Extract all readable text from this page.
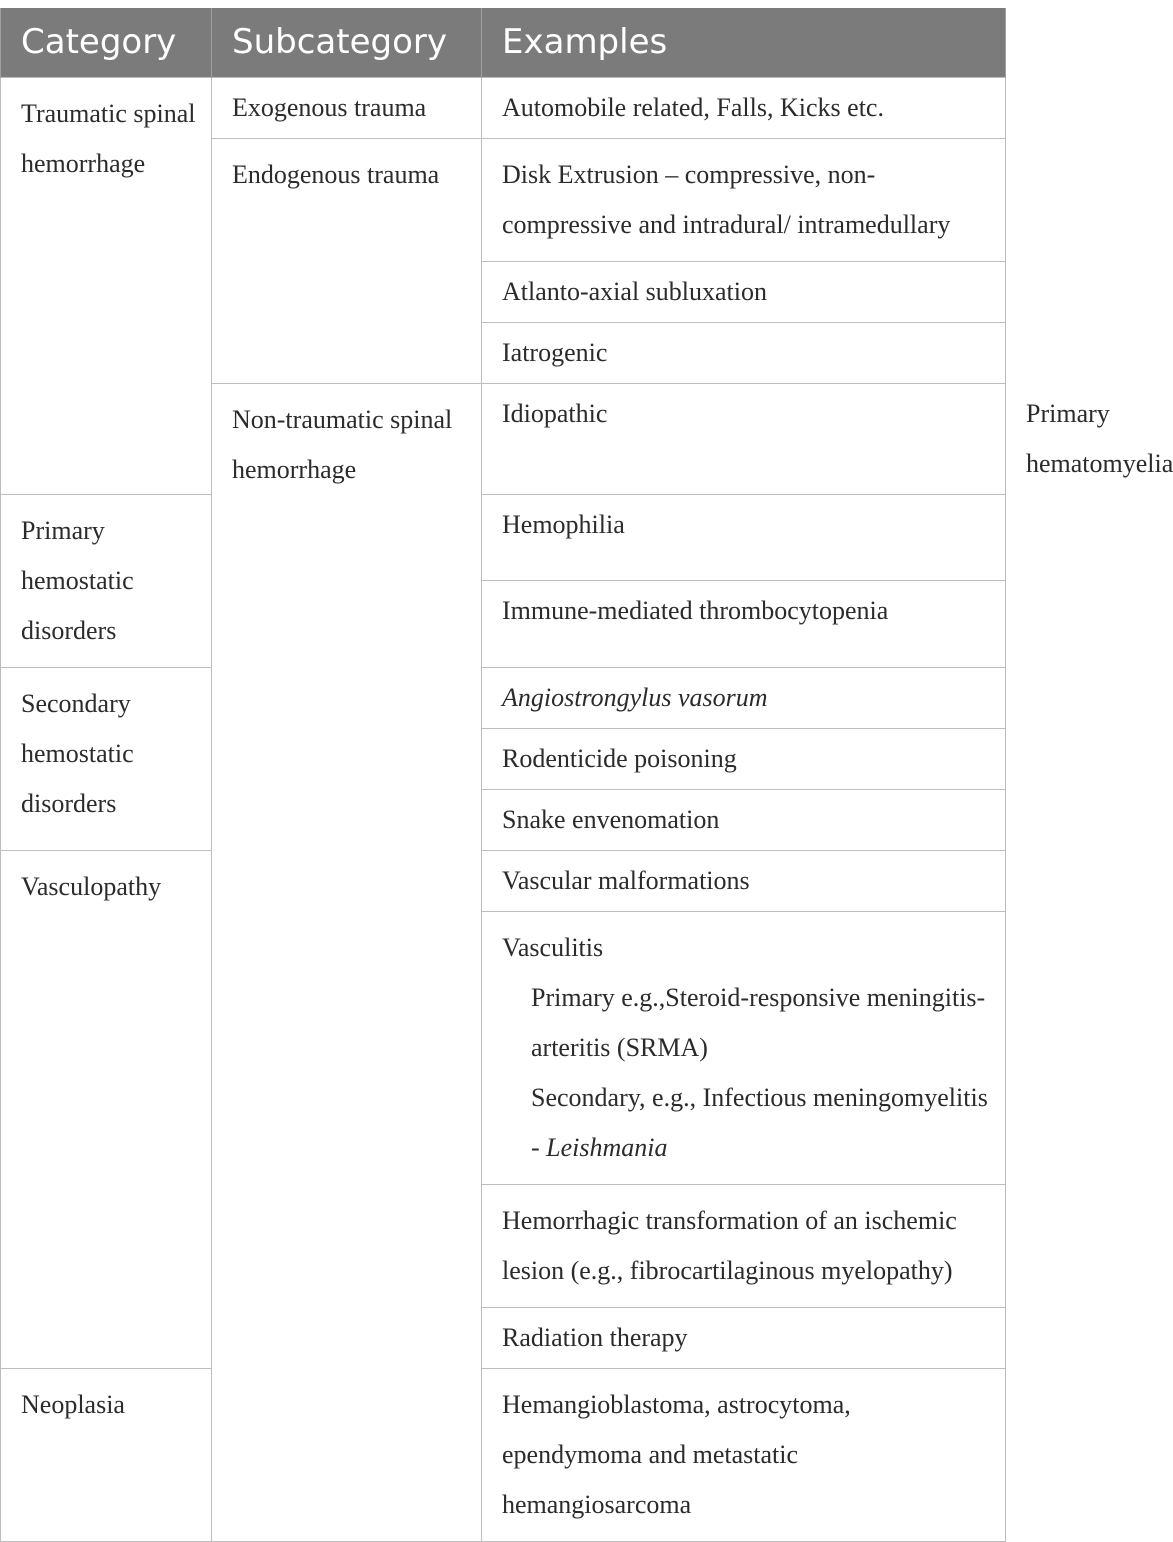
Category	Subcategory	Examples	
Traumatic spinal hemorrhage	Exogenous trauma	Automobile related, Falls, Kicks etc.	
	Endogenous trauma	Disk Extrusion – compressive, non-compressive and intradural/ intramedullary	
		Atlanto-axial subluxation	
		Iatrogenic	
	Non-traumatic spinal hemorrhage	Idiopathic	Primary hematomyelia
Primary hemostatic disorders		Hemophilia	
		Immune-mediated thrombocytopenia	
Secondary hemostatic disorders		Angiostrongylus vasorum	
		Rodenticide poisoning	
		Snake envenomation	
Vasculopathy		Vascular malformations	
		Vasculitis
Primary e.g.,Steroid-responsive meningitis-arteritis (SRMA)
Secondary, e.g., Infectious meningomyelitis - Leishmania	

		Hemorrhagic transformation of an ischemic lesion (e.g., fibrocartilaginous myelopathy)	
		Radiation therapy	
Neoplasia		Hemangioblastoma, astrocytoma, ependymoma and metastatic hemangiosarcoma	
